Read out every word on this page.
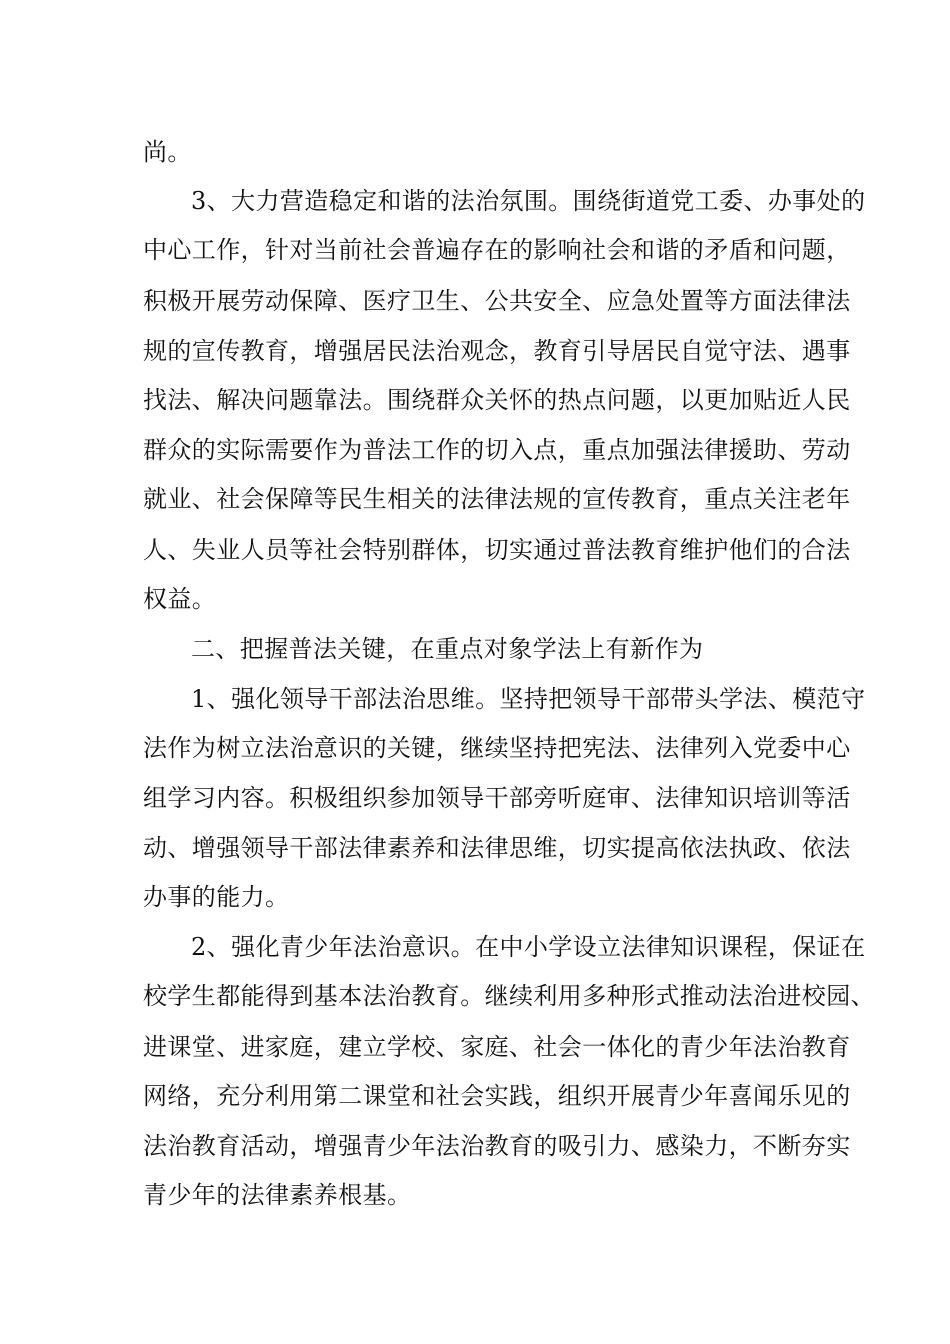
尚。
3、大力营造稳定和谐的法治氛围。围绕街道党工委、办事处的
中心工作，针对当前社会普遍存在的影响社会和谐的矛盾和问题，
积极开展劳动保障、医疗卫生、公共安全、应急处置等方面法律法
规的宣传教育，增强居民法治观念，教育引导居民自觉守法、遇事
找法、解决问题靠法。围绕群众关怀的热点问题，以更加贴近人民
群众的实际需要作为普法工作的切入点，重点加强法律援助、劳动
就业、社会保障等民生相关的法律法规的宣传教育，重点关注老年
人、失业人员等社会特别群体，切实通过普法教育维护他们的合法
权益。
二、把握普法关键，在重点对象学法上有新作为
1、强化领导干部法治思维。坚持把领导干部带头学法、模范守
法作为树立法治意识的关键，继续坚持把宪法、法律列入党委中心
组学习内容。积极组织参加领导干部旁听庭审、法律知识培训等活
动、增强领导干部法律素养和法律思维，切实提高依法执政、依法
办事的能力。
2、强化青少年法治意识。在中小学设立法律知识课程，保证在
校学生都能得到基本法治教育。继续利用多种形式推动法治进校园、
进课堂、进家庭，建立学校、家庭、社会一体化的青少年法治教育
网络，充分利用第二课堂和社会实践，组织开展青少年喜闻乐见的
法治教育活动，增强青少年法治教育的吸引力、感染力，不断夯实
青少年的法律素养根基。
